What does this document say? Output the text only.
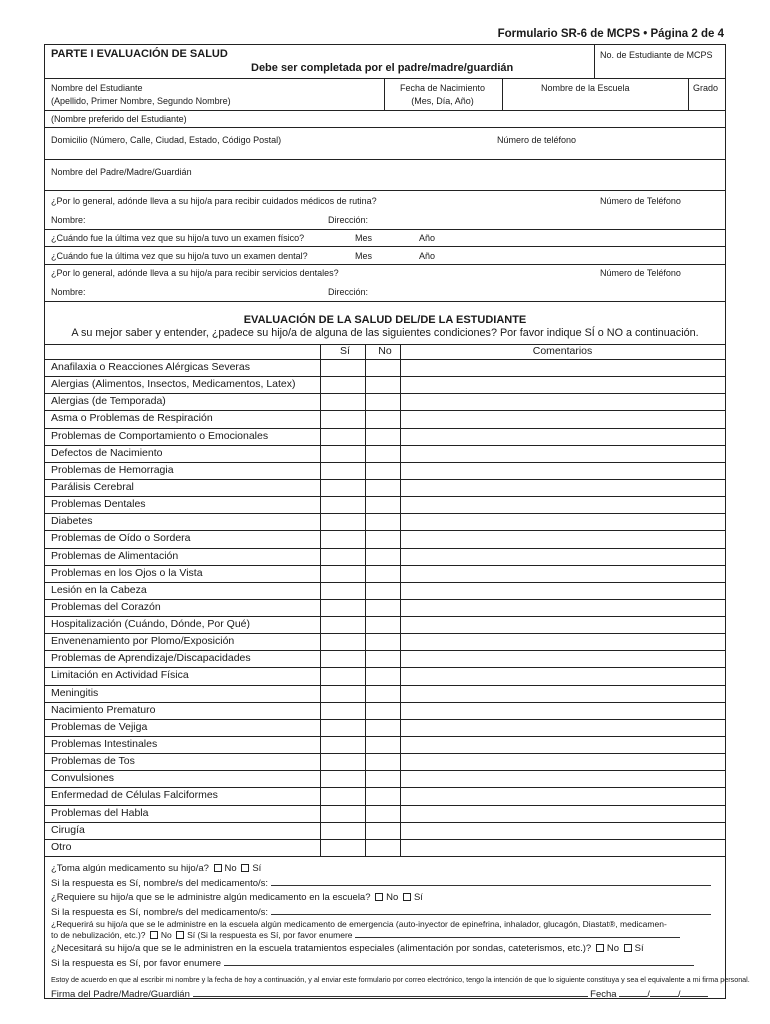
Formulario SR-6 de MCPS • Página 2 de 4
PARTE I EVALUACIÓN DE SALUD
Debe ser completada por el padre/madre/guardián
No. de Estudiante de MCPS
Nombre del Estudiante
(Apellido, Primer Nombre, Segundo Nombre)
Fecha de Nacimiento
(Mes, Día, Año)
Nombre de la Escuela	Grado
(Nombre preferido del Estudiante)
Domicilio (Número, Calle, Ciudad, Estado, Código Postal)	Número de teléfono
Nombre del Padre/Madre/Guardián
¿Por lo general, adónde lleva a su hijo/a para recibir cuidados médicos de rutina?	Número de Teléfono
Nombre:	Dirección:
¿Cuándo fue la última vez que su hijo/a tuvo un examen físico?	Mes	Año
¿Cuándo fue la última vez que su hijo/a tuvo un examen dental?	Mes	Año
¿Por lo general, adónde lleva a su hijo/a para recibir servicios dentales?	Número de Teléfono
Nombre:	Dirección:
EVALUACIÓN DE LA SALUD DEL/DE LA ESTUDIANTE
A su mejor saber y entender, ¿padece su hijo/a de alguna de las siguientes condiciones? Por favor indique SÍ o NO a continuación.
Sí	No	Comentarios
Anafilaxia o Reacciones Alérgicas Severas
Alergias (Alimentos, Insectos, Medicamentos, Latex)
Alergias (de Temporada)
Asma o Problemas de Respiración
Problemas de Comportamiento o Emocionales
Defectos de Nacimiento
Problemas de Hemorragia
Parálisis Cerebral
Problemas Dentales
Diabetes
Problemas de Oído o Sordera
Problemas de Alimentación
Problemas en los Ojos o la Vista
Lesión en la Cabeza
Problemas del Corazón
Hospitalización (Cuándo, Dónde, Por Qué)
Envenenamiento por Plomo/Exposición
Problemas de Aprendizaje/Discapacidades
Limitación en Actividad Física
Meningitis
Nacimiento Prematuro
Problemas de Vejiga
Problemas Intestinales
Problemas de Tos
Convulsiones
Enfermedad de Células Falciformes
Problemas del Habla
Cirugía
Otro
¿Toma algún medicamento su hijo/a? No Sí
Si la respuesta es Sí, nombre/s del medicamento/s:
¿Requiere su hijo/a que se le administre algún medicamento en la escuela? No Sí
Si la respuesta es Sí, nombre/s del medicamento/s:
¿Requerirá su hijo/a que se le administre en la escuela algún medicamento de emergencia (auto-inyector de epinefrina, inhalador, glucagón, Diastat®, medicamen-
to de nebulización, etc.)? No Sí (Si la respuesta es Sí, por favor enumere
¿Necesitará su hijo/a que se le administren en la escuela tratamientos especiales (alimentación por sondas, cateterismos, etc.)? No Sí
Si la respuesta es Sí, por favor enumere
Estoy de acuerdo en que al escribir mi nombre y la fecha de hoy a continuación, y al enviar este formulario por correo electrónico, tengo la intención de que lo siguiente constituya y sea el equivalente a mi firma personal.
Firma del Padre/Madre/Guardián	Fecha	/	/
